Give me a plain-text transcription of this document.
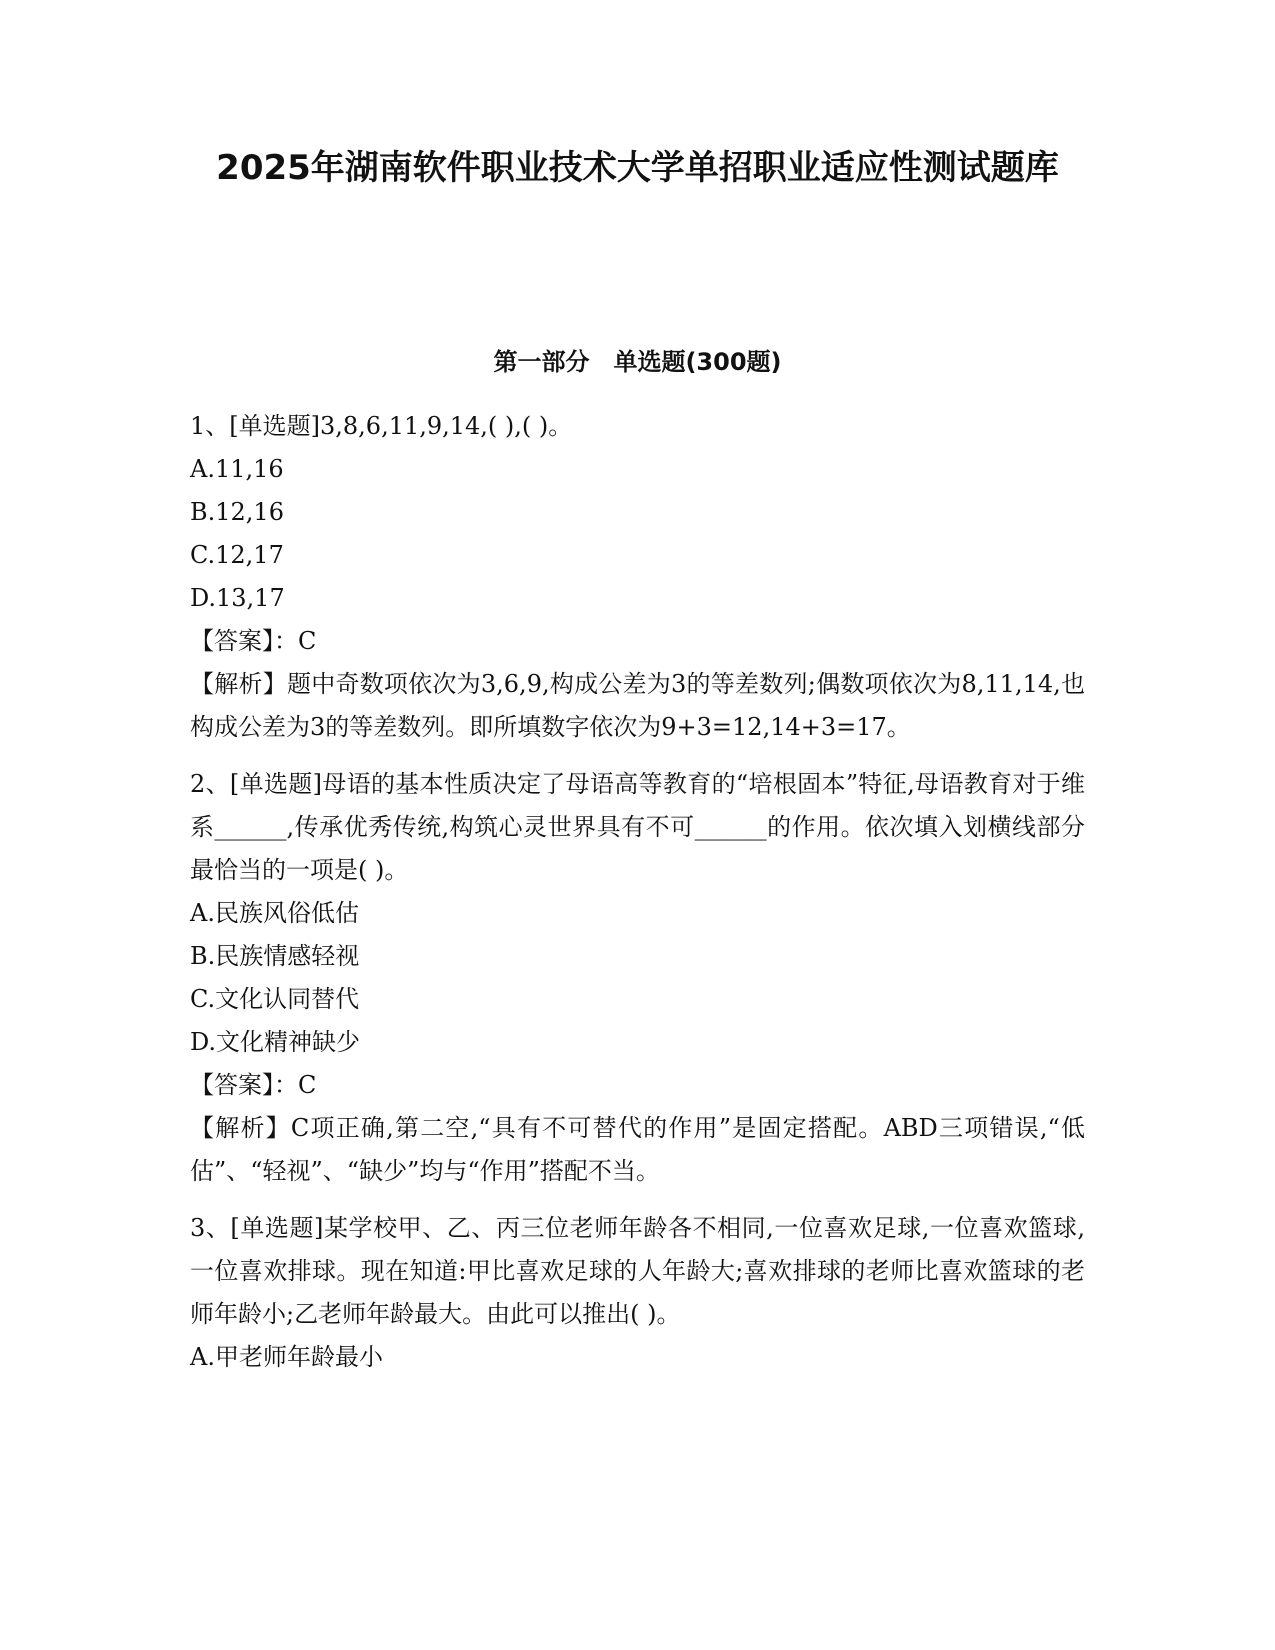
2025年湖南软件职业技术大学单招职业适应性测试题库
第一部分　单选题(300题)

1、[单选题]3,8,6,11,9,14,( ),( )。

A.11,16

B.12,16

C.12,17

D.13,17

【答案】：C

【解析】题中奇数项依次为3,6,9,构成公差为3的等差数列;偶数项依次为8,11,14,也构成公差为3的等差数列。即所填数字依次为9+3=12,14+3=17。

2、[单选题]母语的基本性质决定了母语高等教育的“培根固本”特征,母语教育对于维系______,传承优秀传统,构筑心灵世界具有不可______的作用。依次填入划横线部分最恰当的一项是( )。

A.民族风俗低估

B.民族情感轻视

C.文化认同替代

D.文化精神缺少

【答案】：C

【解析】C项正确,第二空,“具有不可替代的作用”是固定搭配。ABD三项错误,“低估”、“轻视”、“缺少”均与“作用”搭配不当。

3、[单选题]某学校甲、乙、丙三位老师年龄各不相同,一位喜欢足球,一位喜欢篮球,一位喜欢排球。现在知道:甲比喜欢足球的人年龄大;喜欢排球的老师比喜欢篮球的老师年龄小;乙老师年龄最大。由此可以推出( )。

A.甲老师年龄最小
